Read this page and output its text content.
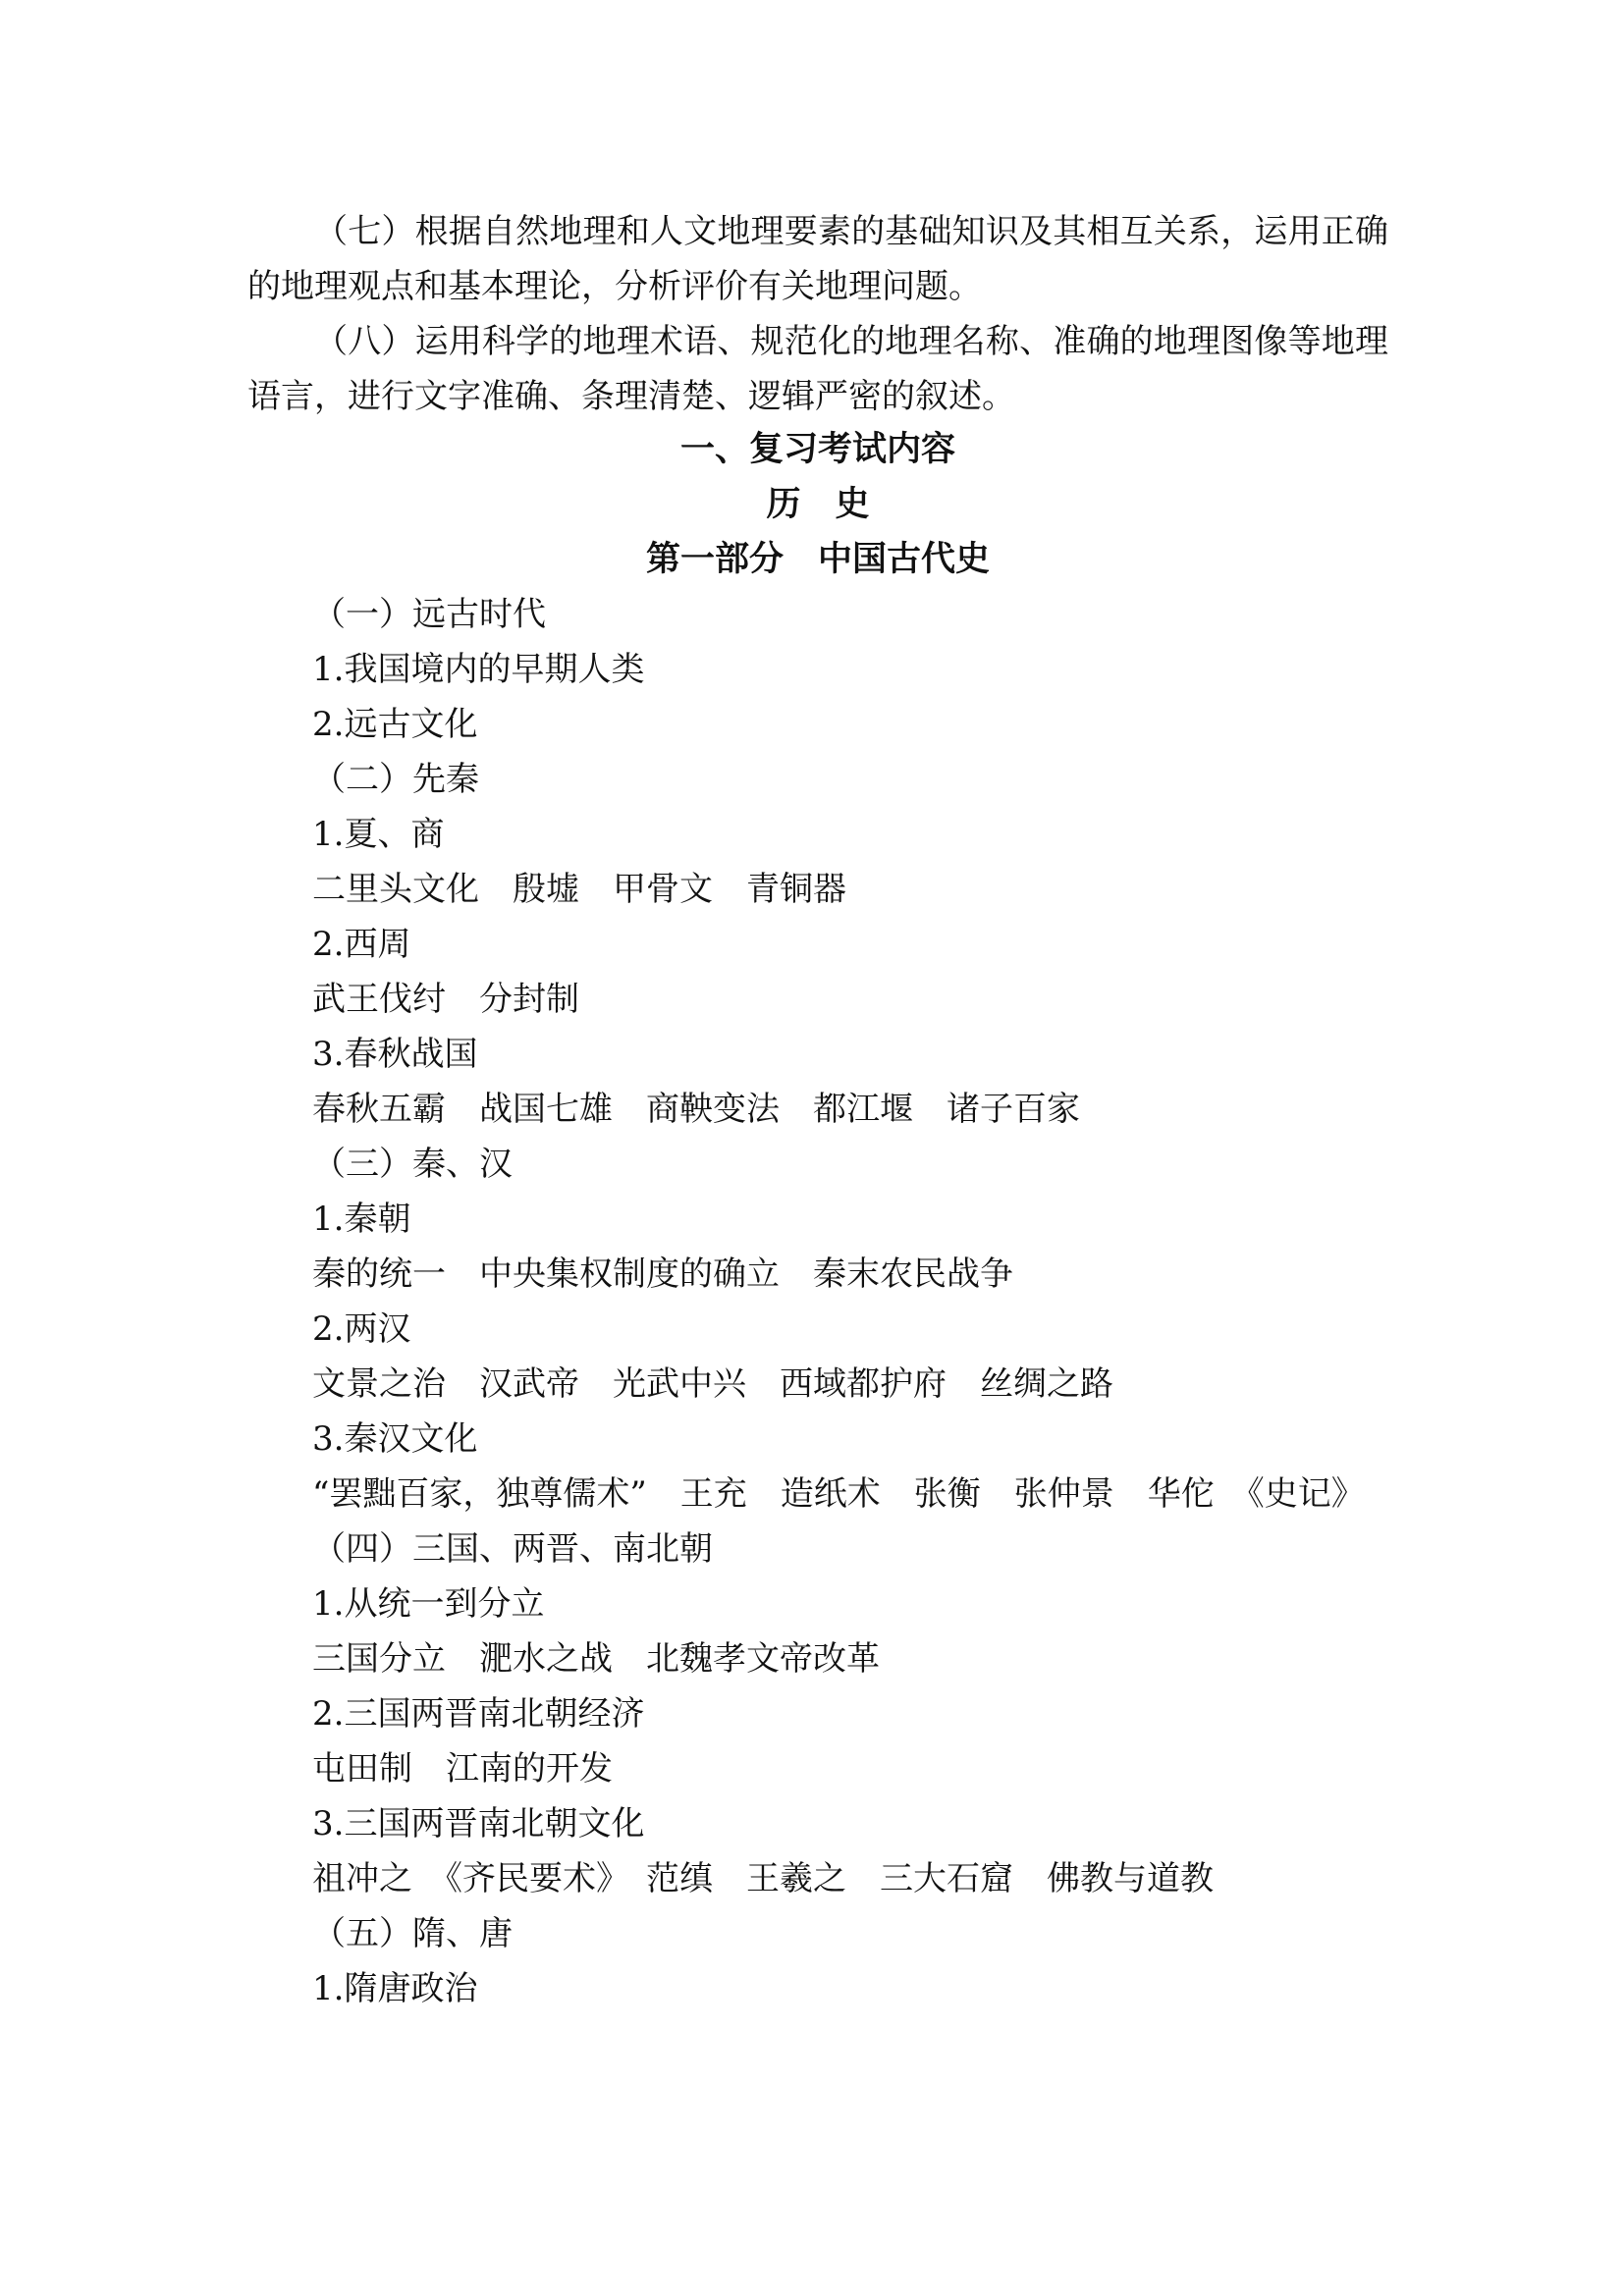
（七）根据自然地理和人文地理要素的基础知识及其相互关系，运用正确的地理观点和基本理论，分析评价有关地理问题。

（八）运用科学的地理术语、规范化的地理名称、准确的地理图像等地理语言，进行文字准确、条理清楚、逻辑严密的叙述。

一、复习考试内容
历　史
第一部分　中国古代史
（一）远古时代
1.我国境内的早期人类
2.远古文化
（二）先秦
1.夏、商
二里头文化　殷墟　甲骨文　青铜器
2.西周
武王伐纣　分封制
3.春秋战国
春秋五霸　战国七雄　商鞅变法　都江堰　诸子百家
（三）秦、汉
1.秦朝
秦的统一　中央集权制度的确立　秦末农民战争
2.两汉
文景之治　汉武帝　光武中兴　西域都护府　丝绸之路
3.秦汉文化
“罢黜百家，独尊儒术”　王充　造纸术　张衡　张仲景　华佗　《史记》
（四）三国、两晋、南北朝
1.从统一到分立
三国分立　淝水之战　北魏孝文帝改革
2.三国两晋南北朝经济
屯田制　江南的开发
3.三国两晋南北朝文化
祖冲之　《齐民要术》　范缜　王羲之　三大石窟　佛教与道教
（五）隋、唐
1.隋唐政治
